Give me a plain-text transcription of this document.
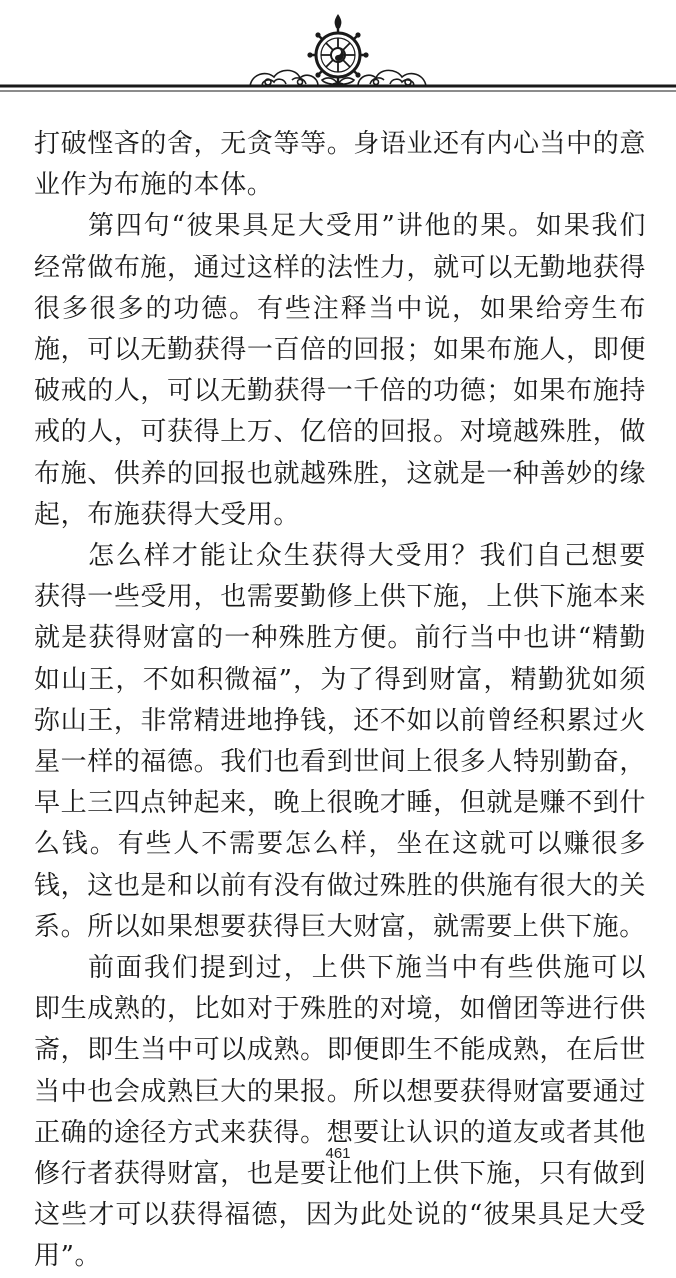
打破悭吝的舍，无贪等等。身语业还有内心当中的意业作为布施的本体。

第四句“彼果具足大受用”讲他的果。如果我们经常做布施，通过这样的法性力，就可以无勤地获得很多很多的功德。有些注释当中说，如果给旁生布施，可以无勤获得一百倍的回报；如果布施人，即便破戒的人，可以无勤获得一千倍的功德；如果布施持戒的人，可获得上万、亿倍的回报。对境越殊胜，做布施、供养的回报也就越殊胜，这就是一种善妙的缘起，布施获得大受用。

怎么样才能让众生获得大受用？我们自己想要获得一些受用，也需要勤修上供下施，上供下施本来就是获得财富的一种殊胜方便。前行当中也讲“精勤如山王，不如积微福”，为了得到财富，精勤犹如须弥山王，非常精进地挣钱，还不如以前曾经积累过火星一样的福德。我们也看到世间上很多人特别勤奋，早上三四点钟起来，晚上很晚才睡，但就是赚不到什么钱。有些人不需要怎么样，坐在这就可以赚很多钱，这也是和以前有没有做过殊胜的供施有很大的关系。所以如果想要获得巨大财富，就需要上供下施。

前面我们提到过，上供下施当中有些供施可以即生成熟的，比如对于殊胜的对境，如僧团等进行供斋，即生当中可以成熟。即便即生不能成熟，在后世当中也会成熟巨大的果报。所以想要获得财富要通过正确的途径方式来获得。想要让认识的道友或者其他修行者获得财富，也是要让他们上供下施，只有做到这些才可以获得福德，因为此处说的“彼果具足大受用”。

461
